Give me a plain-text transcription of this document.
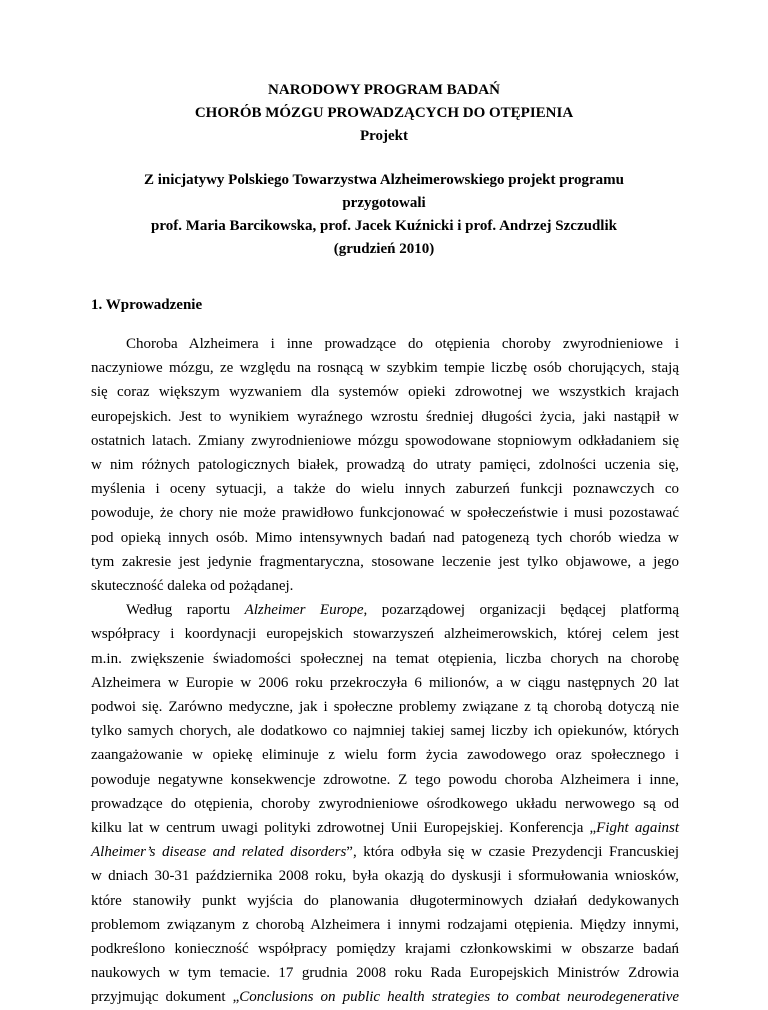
NARODOWY PROGRAM BADAŃ
CHORÓB MÓZGU PROWADZĄCYCH DO OTĘPIENIA
Projekt
Z inicjatywy Polskiego Towarzystwa Alzheimerowskiego projekt programu
przygotowali
prof. Maria Barcikowska, prof. Jacek Kuźnicki i prof. Andrzej Szczudlik
(grudzień 2010)
1. Wprowadzenie

Choroba Alzheimera i inne prowadzące do otępienia choroby zwyrodnieniowe i

naczyniowe mózgu, ze względu na rosnącą w szybkim tempie liczbę osób chorujących, stają

się coraz większym wyzwaniem dla systemów opieki zdrowotnej we wszystkich krajach

europejskich. Jest to wynikiem wyraźnego wzrostu średniej długości życia, jaki nastąpił w

ostatnich latach. Zmiany zwyrodnieniowe mózgu spowodowane stopniowym odkładaniem się

w nim różnych patologicznych białek, prowadzą do utraty pamięci, zdolności uczenia się,

myślenia i oceny sytuacji, a także do wielu innych zaburzeń funkcji poznawczych co

powoduje, że chory nie może prawidłowo funkcjonować w społeczeństwie i musi pozostawać

pod opieką innych osób. Mimo intensywnych badań nad patogenezą tych chorób wiedza w

tym zakresie jest jedynie fragmentaryczna, stosowane leczenie jest tylko objawowe, a jego

skuteczność daleka od pożądanej.

Według raportu Alzheimer Europe, pozarządowej organizacji będącej platformą

współpracy i koordynacji europejskich stowarzyszeń alzheimerowskich, której celem jest

m.in. zwiększenie świadomości społecznej na temat otępienia, liczba chorych na chorobę

Alzheimera w Europie w 2006 roku przekroczyła 6 milionów, a w ciągu następnych 20 lat

podwoi się. Zarówno medyczne, jak i społeczne problemy związane z tą chorobą dotyczą nie

tylko samych chorych, ale dodatkowo co najmniej takiej samej liczby ich opiekunów, których

zaangażowanie w opiekę eliminuje z wielu form życia zawodowego oraz społecznego i

powoduje negatywne konsekwencje zdrowotne. Z tego powodu choroba Alzheimera i inne,

prowadzące do otępienia, choroby zwyrodnieniowe ośrodkowego układu nerwowego są od

kilku lat w centrum uwagi polityki zdrowotnej Unii Europejskiej. Konferencja „Fight against

Alheimer’s disease and related disorders”, która odbyła się w czasie Prezydencji Francuskiej

w dniach 30-31 października 2008 roku, była okazją do dyskusji i sformułowania wniosków,

które stanowiły punkt wyjścia do planowania długoterminowych działań dedykowanych

problemom związanym z chorobą Alzheimera i innymi rodzajami otępienia. Między innymi,

podkreślono konieczność współpracy pomiędzy krajami członkowskimi w obszarze badań

naukowych w tym temacie. 17 grudnia 2008 roku Rada Europejskich Ministrów Zdrowia

przyjmując dokument „Conclusions on public health strategies to combat neurodegenerative
